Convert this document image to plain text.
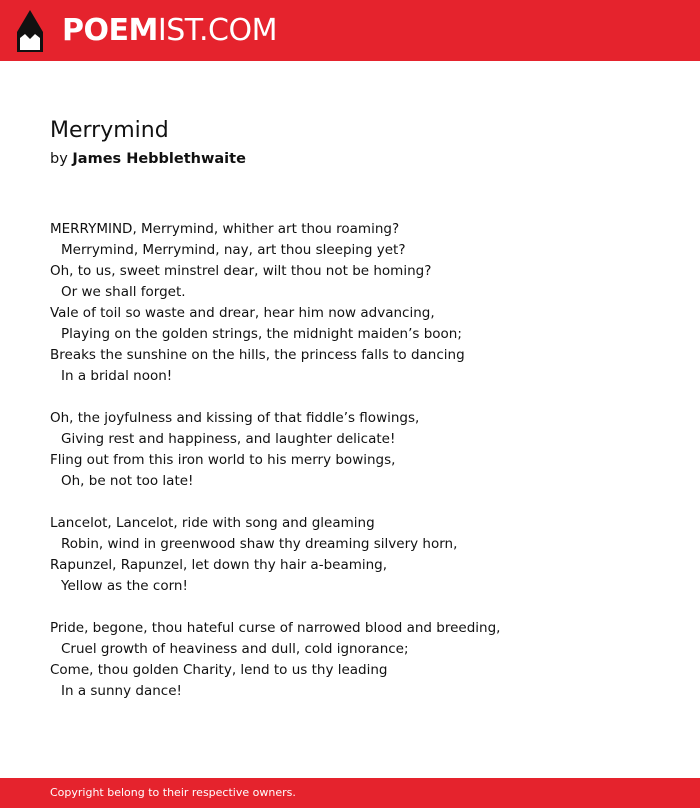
POEMIST.COM
Merrymind
by James Hebblethwaite
MERRYMIND, Merrymind, whither art thou roaming?
Merrymind, Merrymind, nay, art thou sleeping yet?
Oh, to us, sweet minstrel dear, wilt thou not be homing?
Or we shall forget.
Vale of toil so waste and drear, hear him now advancing,
Playing on the golden strings, the midnight maiden’s boon;
Breaks the sunshine on the hills, the princess falls to dancing
In a bridal noon!
Oh, the joyfulness and kissing of that fiddle’s flowings,
Giving rest and happiness, and laughter delicate!
Fling out from this iron world to his merry bowings,
Oh, be not too late!
Lancelot, Lancelot, ride with song and gleaming
Robin, wind in greenwood shaw thy dreaming silvery horn,
Rapunzel, Rapunzel, let down thy hair a-beaming,
Yellow as the corn!
Pride, begone, thou hateful curse of narrowed blood and breeding,
Cruel growth of heaviness and dull, cold ignorance;
Come, thou golden Charity, lend to us thy leading
In a sunny dance!
Copyright belong to their respective owners.
